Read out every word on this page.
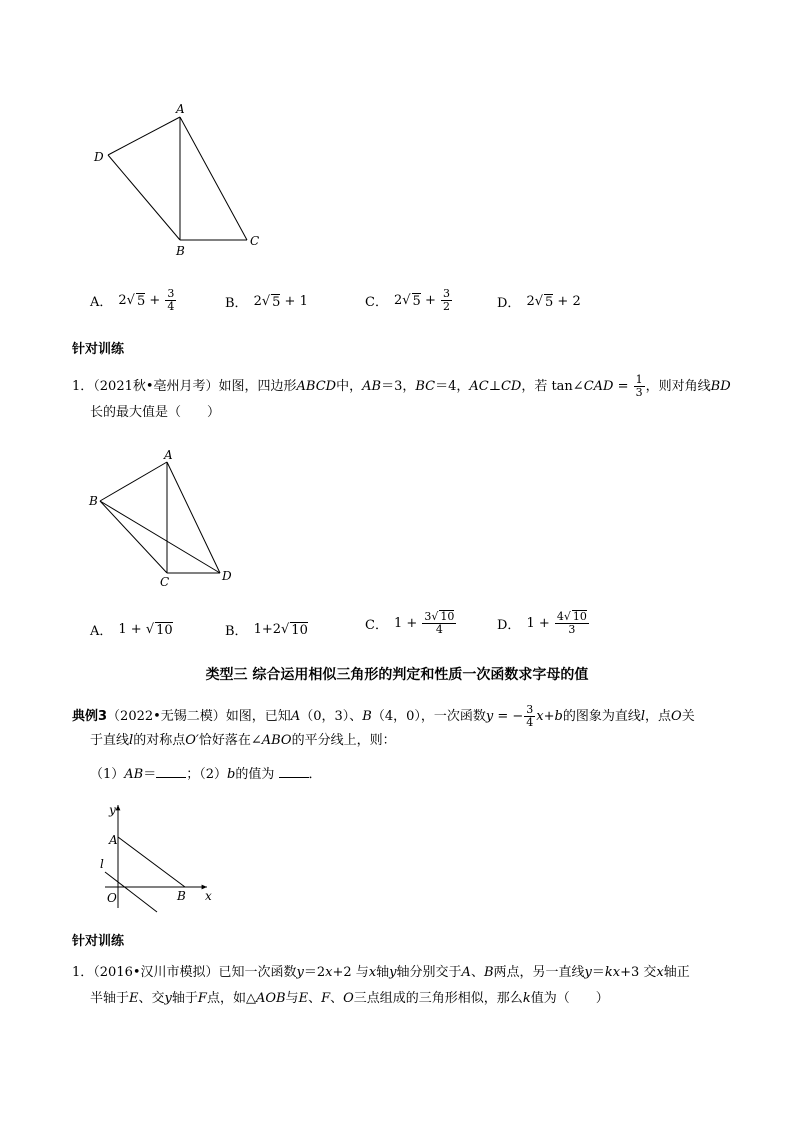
A
D
B
C
A． 2 √ $5 + \frac{3}{4}$	B． 2 √ 5 + 1	C． 2 √ $5 + \frac{3}{2}$	D． 2 √ 5 + 2
针对训练
1．（2021秋•亳州月考）如图，四边形ABCD中，AB＝3，BC＝4，AC⊥CD，若 tan∠CAD = $\frac{1}{3}$ ，则对角线BD
长的最大值是（　　）
A
B
C	D
A． 1 + √ 10	B． 1+2 √ 10	C． $1 + \frac{3√ 10}{4}$	D． $1 + \frac{4√ 10}{3}$
类型三 综合运用相似三角形的判定和性质一次函数求字母的值
典例3（2022•无锡二模）如图，已知A（0，3）、B（4，0），一次函数y = − $\frac{3}{4} x+b$的图象为直线l，点O关
于直线l的对称点O′恰好落在∠ABO的平分线上，则：
（1）AB＝ ；（2）b的值为	．
y
x
A
l
O	B
针对训练
1．（2016•汉川市模拟）已知一次函数y＝2x+2 与x轴y轴分别交于A、B两点，另一直线y＝kx+3 交x轴正
半轴于E、交y轴于F点，如△AOB与E、F、O三点组成的三角形相似，那么k值为（　　）
